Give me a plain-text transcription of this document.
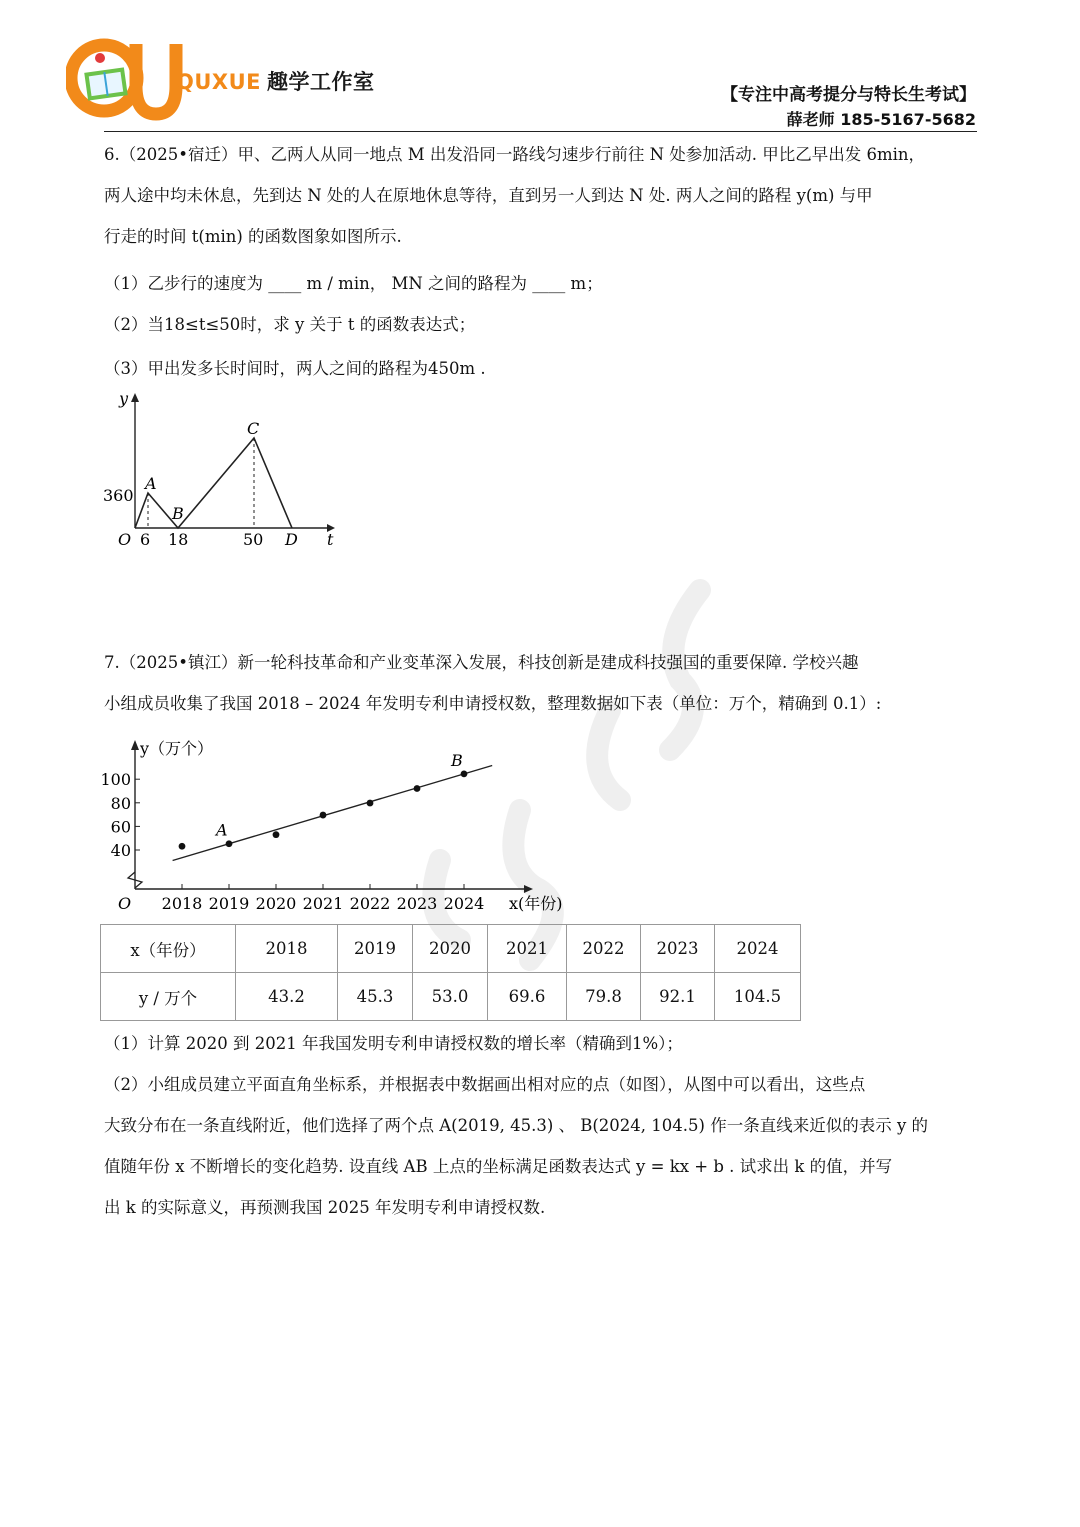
QU
QUXUE 趣学工作室
【专注中高考提分与特长生考试】
薛老师 185-5167-5682
6.（2025•宿迁）甲、乙两人从同一地点 M 出发沿同一路线匀速步行前往 N 处参加活动. 甲比乙早出发 6min，
两人途中均未休息，先到达 N 处的人在原地休息等待，直到另一人到达 N 处. 两人之间的路程 y(m) 与甲
行走的时间 t(min) 的函数图象如图所示.
（1）乙步行的速度为 ____ m / min， MN 之间的路程为 ____ m；
（2）当18≤t≤50时，求 y 关于 t 的函数表达式；
（3）甲出发多长时间时，两人之间的路程为450m .
y
t
O
360
6 18	50 D
A
B
C
7.（2025•镇江）新一轮科技革命和产业变革深入发展，科技创新是建成科技强国的重要保障. 学校兴趣
小组成员收集了我国 2018 – 2024 年发明专利申请授权数，整理数据如下表（单位：万个，精确到 0.1）:
y（万个）
x(年份)
O
40
60
80
100
2018 2019 2020 2021 2022 2023 2024
A
B
x（年份）	2018	2019	2020	2021	2022	2023	2024
y / 万个	43.2	45.3	53.0	69.6	79.8	92.1	104.5
（1）计算 2020 到 2021 年我国发明专利申请授权数的增长率（精确到1%）；
（2）小组成员建立平面直角坐标系，并根据表中数据画出相对应的点（如图），从图中可以看出，这些点
大致分布在一条直线附近，他们选择了两个点 A(2019, 45.3) 、 B(2024, 104.5) 作一条直线来近似的表示 y 的
值随年份 x 不断增长的变化趋势. 设直线 AB 上点的坐标满足函数表达式 y = kx + b . 试求出 k 的值，并写
出 k 的实际意义，再预测我国 2025 年发明专利申请授权数.
